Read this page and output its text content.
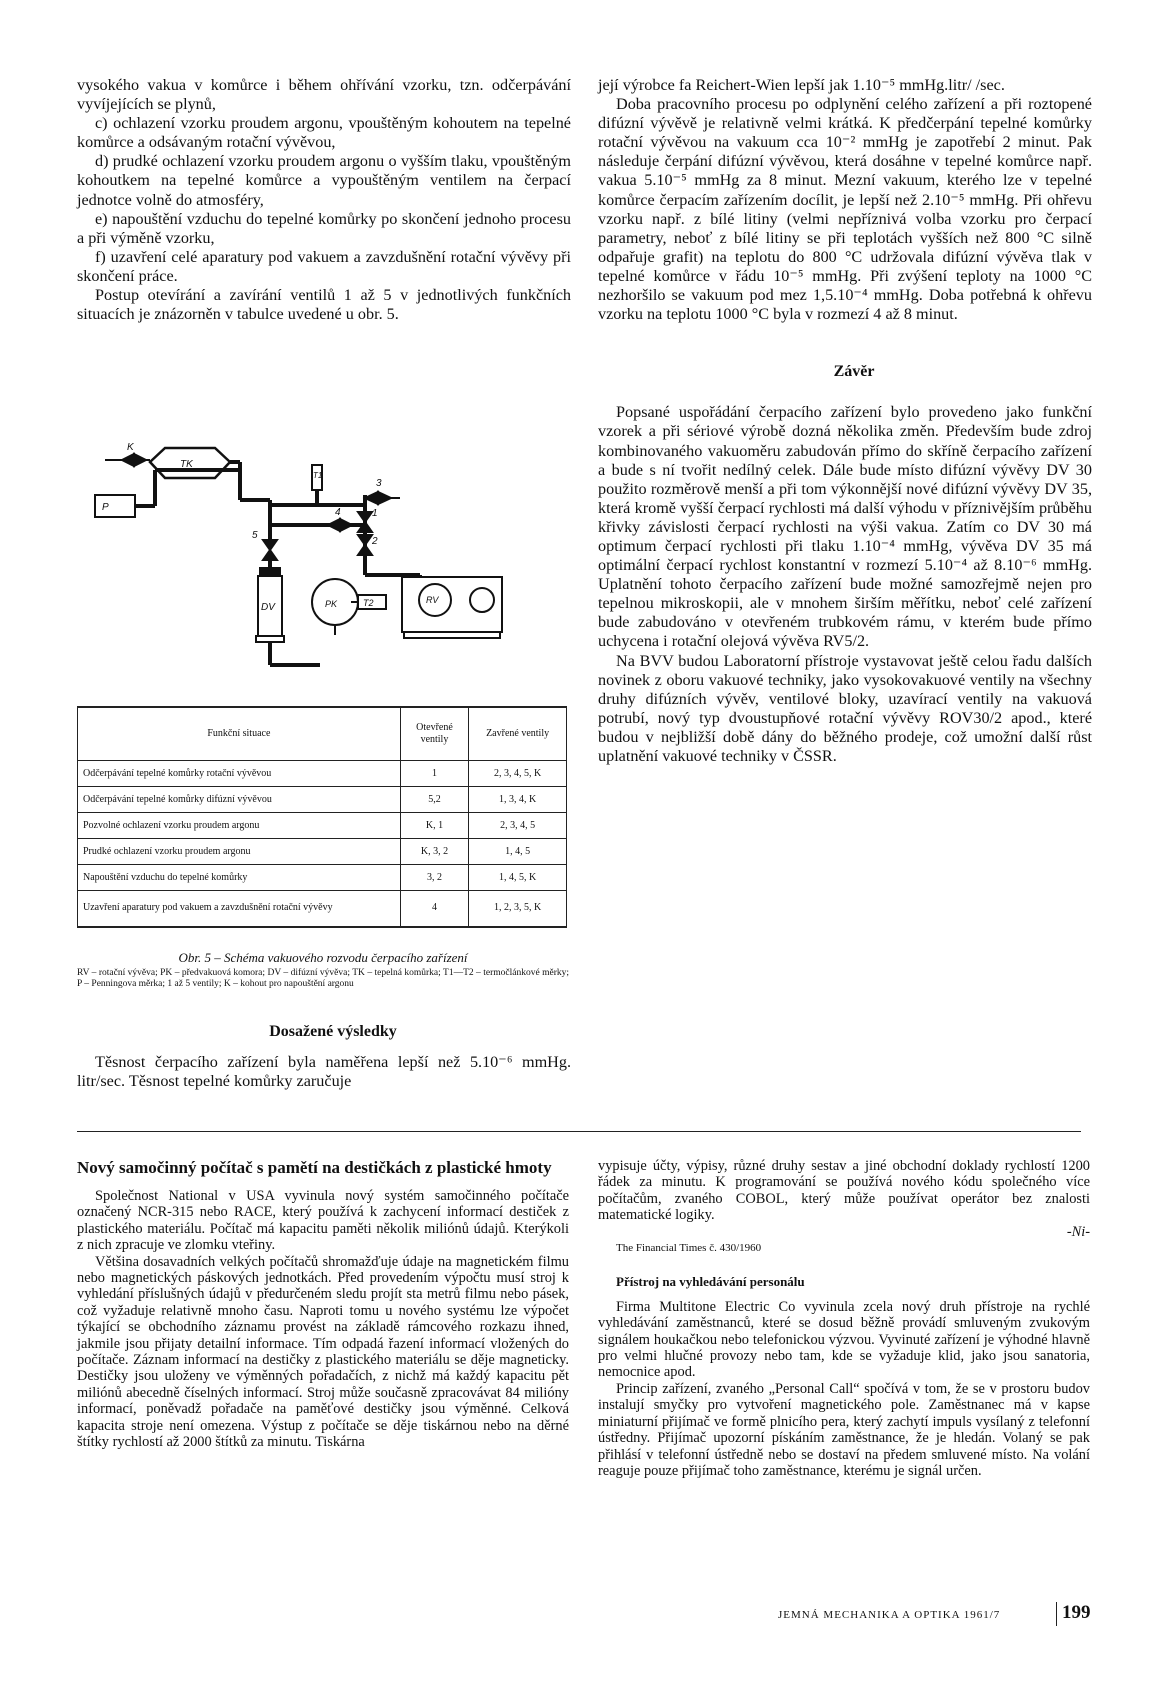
vysokého vakua v komůrce i během ohřívání vzorku, tzn. odčerpávání vyvíjejících se plynů,

c) ochlazení vzorku proudem argonu, vpouštěným kohoutem na tepelné komůrce a odsávaným rotační vývěvou,

d) prudké ochlazení vzorku proudem argonu o vyšším tlaku, vpouštěným kohoutkem na tepelné komůrce a vypouštěným ventilem na čerpací jednotce volně do atmosféry,

e) napouštění vzduchu do tepelné komůrky po skončení jednoho procesu a při výměně vzorku,

f) uzavření celé aparatury pod vakuem a zavzdušnění rotační vývěvy při skončení práce.

Postup otevírání a zavírání ventilů 1 až 5 v jednotlivých funkčních situacích je znázorněn v tabulce uvedené u obr. 5.

K
TK
P
T1
3
4	1
2
5
DV	PK	T2	RV
Funkční situace	Otevřené ventily	Zavřené ventily
Odčerpávání tepelné komůrky rotační vývěvou	1	2, 3, 4, 5, K
Odčerpávání tepelné komůrky difúzní vývěvou	5,2	1, 3, 4, K
Pozvolné ochlazení vzorku proudem argonu	K, 1	2, 3, 4, 5
Prudké ochlazení vzorku proudem argonu	K, 3, 2	1, 4, 5
Napouštění vzduchu do tepelné komůrky	3, 2	1, 4, 5, K
Uzavření aparatury pod vakuem a zavzdušnění rotační vývěvy	4	1, 2, 3, 5, K
Obr. 5 – Schéma vakuového rozvodu čerpacího zařízení
RV – rotační vývěva; PK – předvakuová komora; DV – difúzní vývěva; TK – tepelná komůrka; T1—T2 – termočlánkové měrky; P – Penningova měrka; 1 až 5 ventily; K – kohout pro napouštění argonu

Dosažené výsledky

Těsnost čerpacího zařízení byla naměřena lepší než 5.10⁻⁶ mmHg. litr/sec. Těsnost tepelné komůrky zaručuje

její výrobce fa Reichert-Wien lepší jak 1.10⁻⁵ mmHg.litr/ /sec.

Doba pracovního procesu po odplynění celého zařízení a při roztopené difúzní vývěvě je relativně velmi krátká. K předčerpání tepelné komůrky rotační vývěvou na vakuum cca 10⁻² mmHg je zapotřebí 2 minut. Pak následuje čerpání difúzní vývěvou, která dosáhne v tepelné komůrce např. vakua 5.10⁻⁵ mmHg za 8 minut. Mezní vakuum, kterého lze v tepelné komůrce čerpacím zařízením docílit, je lepší než 2.10⁻⁵ mmHg. Při ohřevu vzorku např. z bílé litiny (velmi nepříznivá volba vzorku pro čerpací parametry, neboť z bílé litiny se při teplotách vyšších než 800 °C silně odpařuje grafit) na teplotu do 800 °C udržovala difúzní vývěva tlak v tepelné komůrce v řádu 10⁻⁵ mmHg. Při zvýšení teploty na 1000 °C nezhoršilo se vakuum pod mez 1,5.10⁻⁴ mmHg. Doba potřebná k ohřevu vzorku na teplotu 1000 °C byla v rozmezí 4 až 8 minut.

Závěr

Popsané uspořádání čerpacího zařízení bylo provedeno jako funkční vzorek a při sériové výrobě dozná několika změn. Především bude zdroj kombinovaného vakuoměru zabudován přímo do skříně čerpacího zařízení a bude s ní tvořit nedílný celek. Dále bude místo difúzní vývěvy DV 30 použito rozměrově menší a při tom výkonnější nové difúzní vývěvy DV 35, která kromě vyšší čerpací rychlosti má další výhodu v příznivějším průběhu křivky závislosti čerpací rychlosti na výši vakua. Zatím co DV 30 má optimum čerpací rychlosti při tlaku 1.10⁻⁴ mmHg, vývěva DV 35 má optimální čerpací rychlost konstantní v rozmezí 5.10⁻⁴ až 8.10⁻⁶ mmHg. Uplatnění tohoto čerpacího zařízení bude možné samozřejmě nejen pro tepelnou mikroskopii, ale v mnohem širším měřítku, neboť celé zařízení bude zabudováno v otevřeném trubkovém rámu, v kterém bude přímo uchycena i rotační olejová vývěva RV5/2.

Na BVV budou Laboratorní přístroje vystavovat ještě celou řadu dalších novinek z oboru vakuové techniky, jako vysokovakuové ventily na všechny druhy difúzních vývěv, ventilové bloky, uzavírací ventily na vakuová potrubí, nový typ dvoustupňové rotační vývěvy ROV30/2 apod., které budou v nejbližší době dány do běžného prodeje, což umožní další růst uplatnění vakuové techniky v ČSSR.

Nový samočinný počítač s pamětí na destičkách z plastické hmoty

Společnost National v USA vyvinula nový systém samočinného počítače označený NCR-315 nebo RACE, který používá k zachycení informací destiček z plastického materiálu. Počítač má kapacitu paměti několik miliónů údajů. Kterýkoli z nich zpracuje ve zlomku vteřiny.

Většina dosavadních velkých počítačů shromažďuje údaje na magnetickém filmu nebo magnetických páskových jednotkách. Před provedením výpočtu musí stroj k vyhledání příslušných údajů v předurčeném sledu projít sta metrů filmu nebo pásek, což vyžaduje relativně mnoho času. Naproti tomu u nového systému lze výpočet týkající se obchodního záznamu provést na základě rámcového rozkazu ihned, jakmile jsou přijaty detailní informace. Tím odpadá řazení informací vložených do počítače. Záznam informací na destičky z plastického materiálu se děje magneticky. Destičky jsou uloženy ve výměnných pořadačích, z nichž má každý kapacitu pět miliónů abecedně číselných informací. Stroj může současně zpracovávat 84 milióny informací, poněvadž pořadače na paměťové destičky jsou výměnné. Celková kapacita stroje není omezena. Výstup z počítače se děje tiskárnou nebo na děrné štítky rychlostí až 2000 štítků za minutu. Tiskárna

vypisuje účty, výpisy, různé druhy sestav a jiné obchodní doklady rychlostí 1200 řádek za minutu. K programování se používá nového kódu společného více počítačům, zvaného COBOL, který může používat operátor bez znalosti matematické logiky.

-Ni-

The Financial Times č. 430/1960

Přístroj na vyhledávání personálu

Firma Multitone Electric Co vyvinula zcela nový druh přístroje na rychlé vyhledávání zaměstnanců, které se dosud běžně provádí smluveným zvukovým signálem houkačkou nebo telefonickou výzvou. Vyvinuté zařízení je výhodné hlavně pro velmi hlučné provozy nebo tam, kde se vyžaduje klid, jako jsou sanatoria, nemocnice apod.

Princip zařízení, zvaného „Personal Call“ spočívá v tom, že se v prostoru budov instalují smyčky pro vytvoření magnetického pole. Zaměstnanec má v kapse miniaturní přijímač ve formě plnicího pera, který zachytí impuls vysílaný z telefonní ústředny. Přijímač upozorní pískáním zaměstnance, že je hledán. Volaný se pak přihlásí v telefonní ústředně nebo se dostaví na předem smluvené místo. Na volání reaguje pouze přijímač toho zaměstnance, kterému je signál určen.

JEMNÁ MECHANIKA A OPTIKA 1961/7	199
